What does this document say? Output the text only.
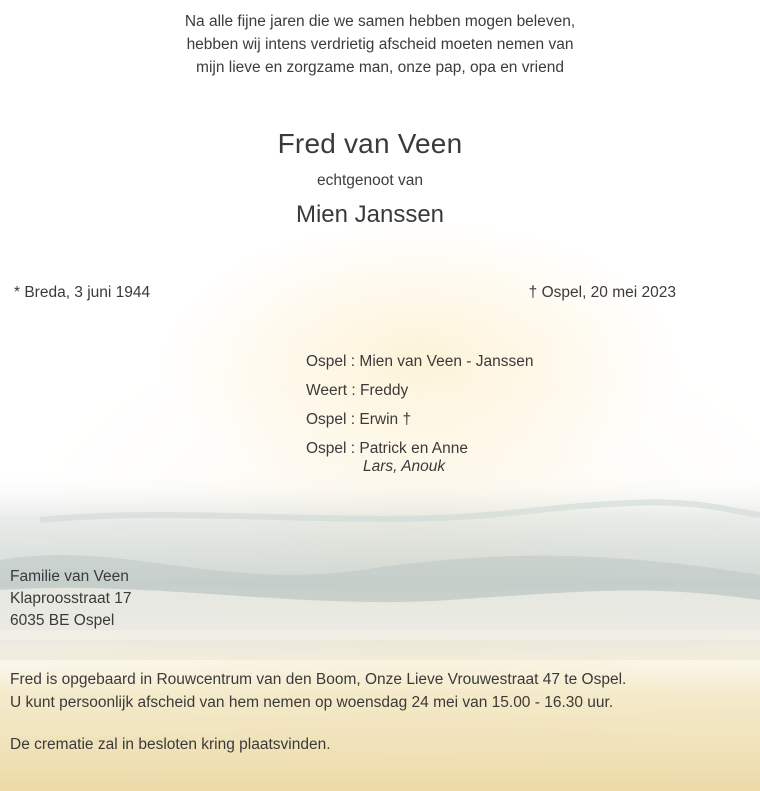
Na alle fijne jaren die we samen hebben mogen beleven,
hebben wij intens verdrietig afscheid moeten nemen van
mijn lieve en zorgzame man, onze pap, opa en vriend
Fred van Veen
echtgenoot van
Mien Janssen
* Breda, 3 juni 1944	† Ospel, 20 mei 2023
Ospel : Mien van Veen - Janssen
Weert : Freddy
Ospel : Erwin †
Ospel : Patrick en Anne
Lars, Anouk
Familie van Veen
Klaproosstraat 17
6035 BE Ospel
Fred is opgebaard in Rouwcentrum van den Boom, Onze Lieve Vrouwestraat 47 te Ospel.
U kunt persoonlijk afscheid van hem nemen op woensdag 24 mei van 15.00 - 16.30 uur.
De crematie zal in besloten kring plaatsvinden.
